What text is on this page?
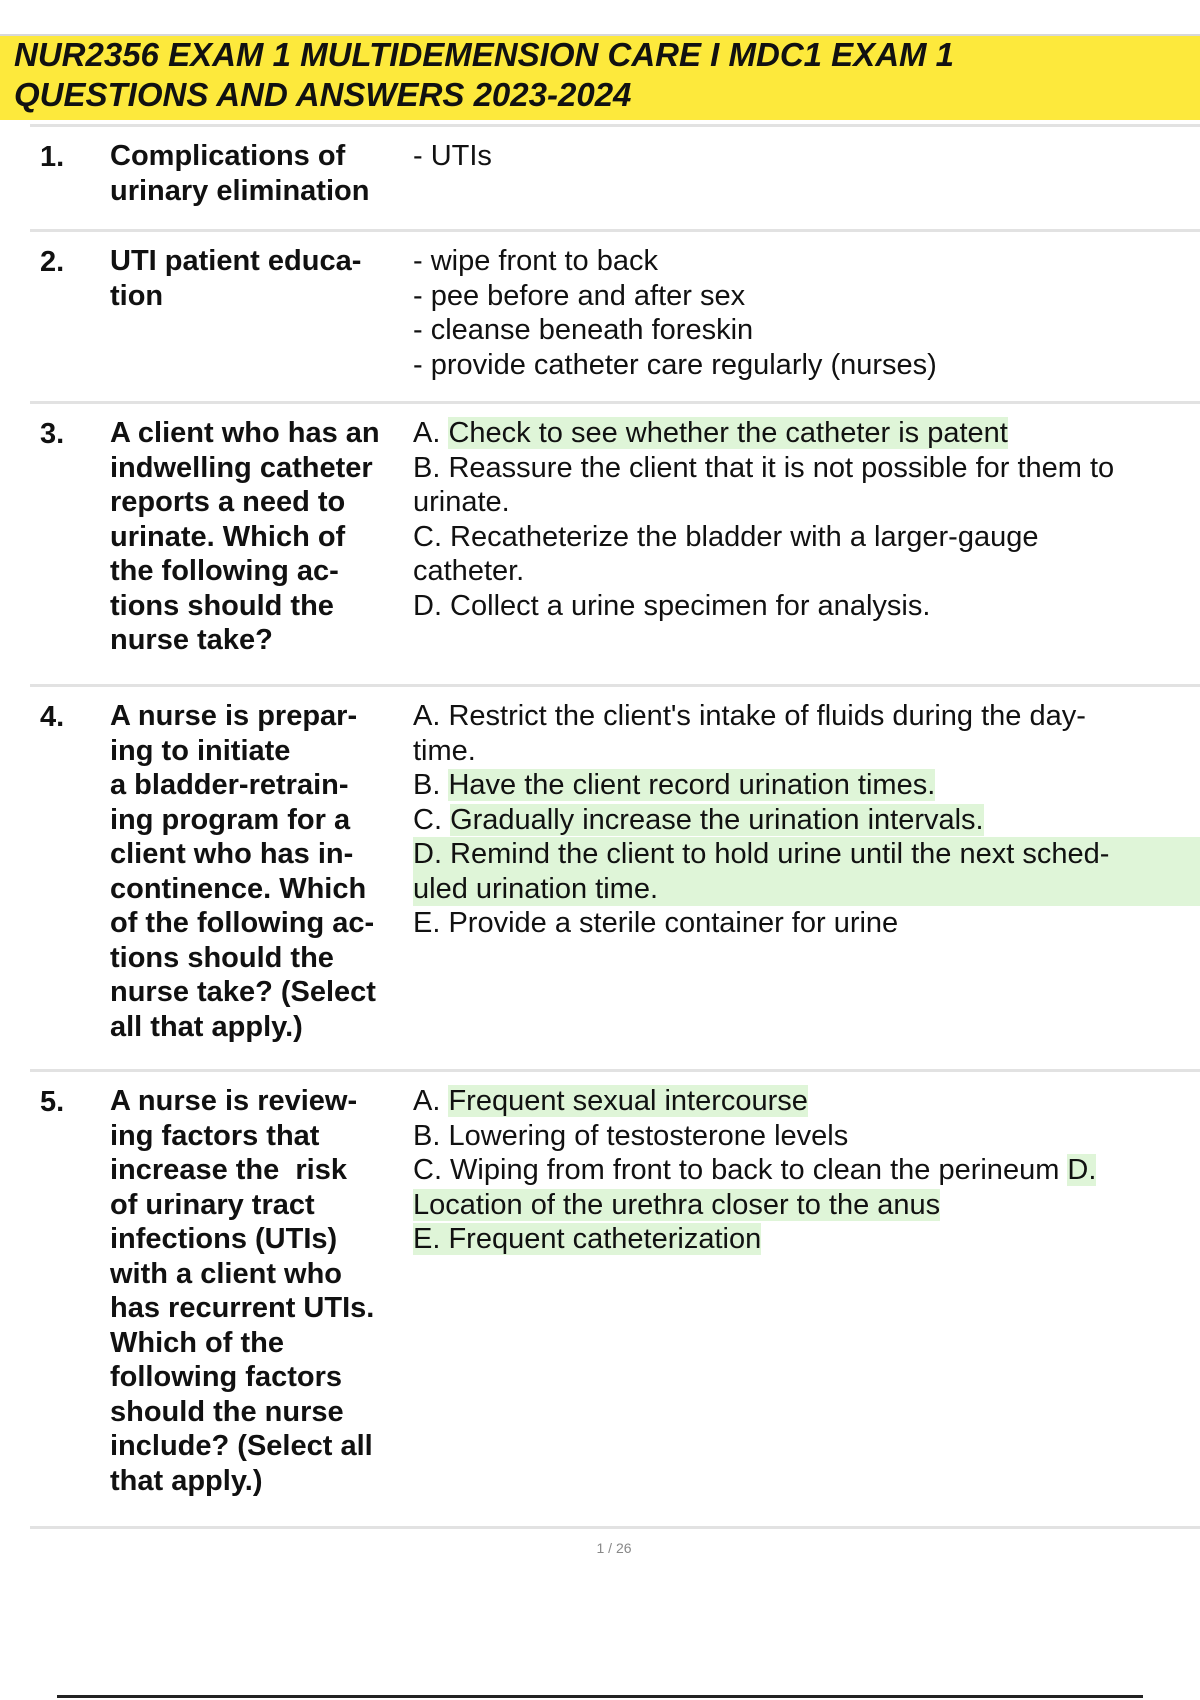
NUR2356 EXAM 1 MULTIDEMENSION CARE I MDC1 EXAM 1
QUESTIONS AND ANSWERS 2023-2024
1. Complications of
urinary elimination
- UTIs
2. UTI patient educa-
tion
- wipe front to back
- pee before and after sex
- cleanse beneath foreskin
- provide catheter care regularly (nurses)
3. A client who has an
indwelling catheter
reports a need to
urinate. Which of
the following ac-
tions should the
nurse take?
A. Check to see whether the catheter is patent
B. Reassure the client that it is not possible for them to
urinate.
C. Recatheterize the bladder with a larger-gauge
catheter.
D. Collect a urine specimen for analysis.
4. A nurse is prepar-
ing to initiate
a bladder-retrain-
ing program for a
client who has in-
continence. Which
of the following ac-
tions should the
nurse take? (Select
all that apply.)
A. Restrict the client's intake of fluids during the day-
time.
B. Have the client record urination times.
C. Gradually increase the urination intervals.
D. Remind the client to hold urine until the next sched-
uled urination time.
E. Provide a sterile container for urine
5. A nurse is review-
ing factors that
increase the  risk
of urinary tract
infections (UTIs)
with a client who
has recurrent UTIs.
Which of the
following factors
should the nurse
include? (Select all
that apply.)
A. Frequent sexual intercourse
B. Lowering of testosterone levels
C. Wiping from front to back to clean the perineum D.
Location of the urethra closer to the anus
E. Frequent catheterization
1 / 26
